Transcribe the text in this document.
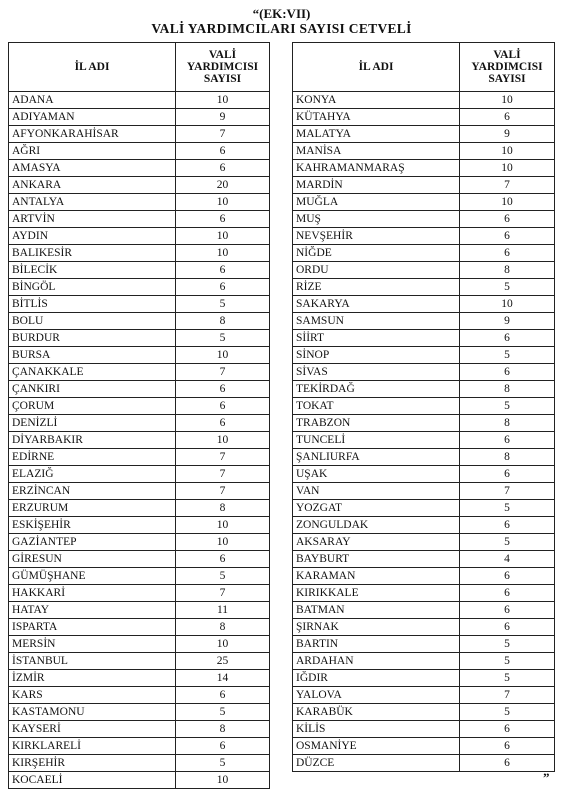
“(EK:VII)
VALİ YARDIMCILARI SAYISI CETVELİ
İL ADI	VALİ
YARDIMCISI
SAYISI

ADANA	10
ADIYAMAN	9
AFYONKARAHİSAR	7
AĞRI	6
AMASYA	6
ANKARA	20
ANTALYA	10
ARTVİN	6
AYDIN	10
BALIKESİR	10
BİLECİK	6
BİNGÖL	6
BİTLİS	5
BOLU	8
BURDUR	5
BURSA	10
ÇANAKKALE	7
ÇANKIRI	6
ÇORUM	6
DENİZLİ	6
DİYARBAKIR	10
EDİRNE	7
ELAZIĞ	7
ERZİNCAN	7
ERZURUM	8
ESKİŞEHİR	10
GAZİANTEP	10
GİRESUN	6
GÜMÜŞHANE	5
HAKKARİ	7
HATAY	11
ISPARTA	8
MERSİN	10
İSTANBUL	25
İZMİR	14
KARS	6
KASTAMONU	5
KAYSERİ	8
KIRKLARELİ	6
KIRŞEHİR	5
KOCAELİ	10
İL ADI	VALİ
YARDIMCISI
SAYISI

KONYA	10
KÜTAHYA	6
MALATYA	9
MANİSA	10
KAHRAMANMARAŞ	10
MARDİN	7
MUĞLA	10
MUŞ	6
NEVŞEHİR	6
NİĞDE	6
ORDU	8
RİZE	5
SAKARYA	10
SAMSUN	9
SİİRT	6
SİNOP	5
SİVAS	6
TEKİRDAĞ	8
TOKAT	5
TRABZON	8
TUNCELİ	6
ŞANLIURFA	8
UŞAK	6
VAN	7
YOZGAT	5
ZONGULDAK	6
AKSARAY	5
BAYBURT	4
KARAMAN	6
KIRIKKALE	6
BATMAN	6
ŞIRNAK	6
BARTIN	5
ARDAHAN	5
IĞDIR	5
YALOVA	7
KARABÜK	5
KİLİS	6
OSMANİYE	6
DÜZCE	6
”
